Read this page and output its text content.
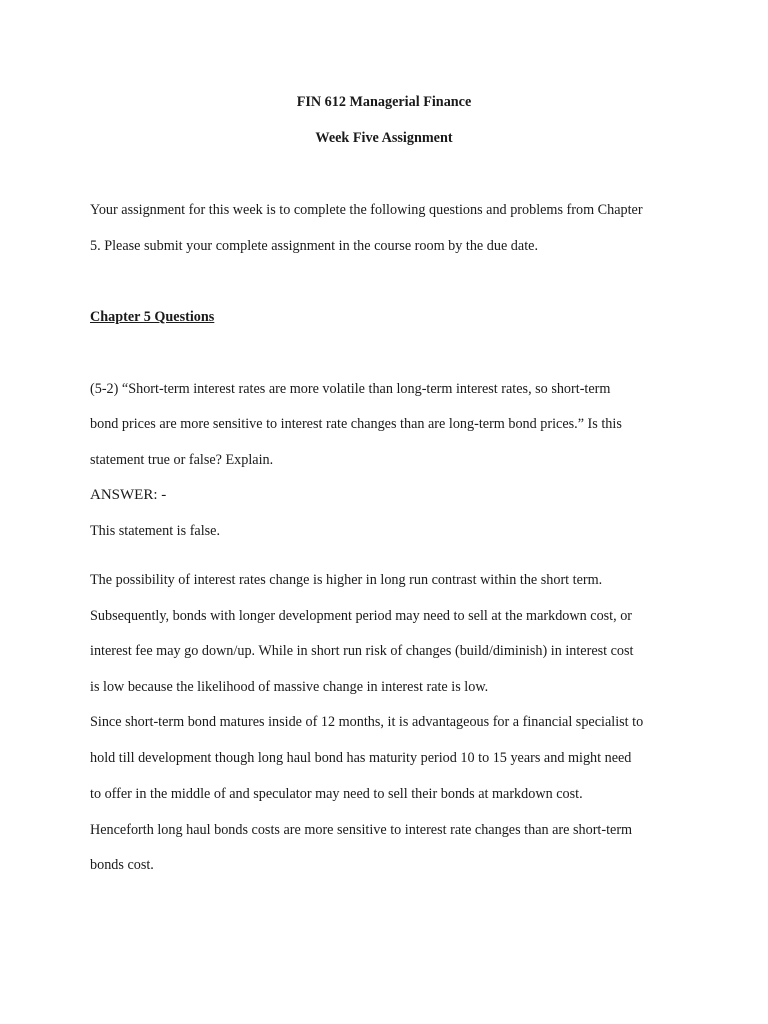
FIN 612 Managerial Finance
Week Five Assignment
Your assignment for this week is to complete the following questions and problems from Chapter
5. Please submit your complete assignment in the course room by the due date.
Chapter 5 Questions
(5-2) “Short-term interest rates are more volatile than long-term interest rates, so short-term
bond prices are more sensitive to interest rate changes than are long-term bond prices.” Is this
statement true or false? Explain.
ANSWER: -
This statement is false.
The possibility of interest rates change is higher in long run contrast within the short term.
Subsequently, bonds with longer development period may need to sell at the markdown cost, or
interest fee may go down/up. While in short run risk of changes (build/diminish) in interest cost
is low because the likelihood of massive change in interest rate is low.
Since short-term bond matures inside of 12 months, it is advantageous for a financial specialist to
hold till development though long haul bond has maturity period 10 to 15 years and might need
to offer in the middle of and speculator may need to sell their bonds at markdown cost.
Henceforth long haul bonds costs are more sensitive to interest rate changes than are short-term
bonds cost.
